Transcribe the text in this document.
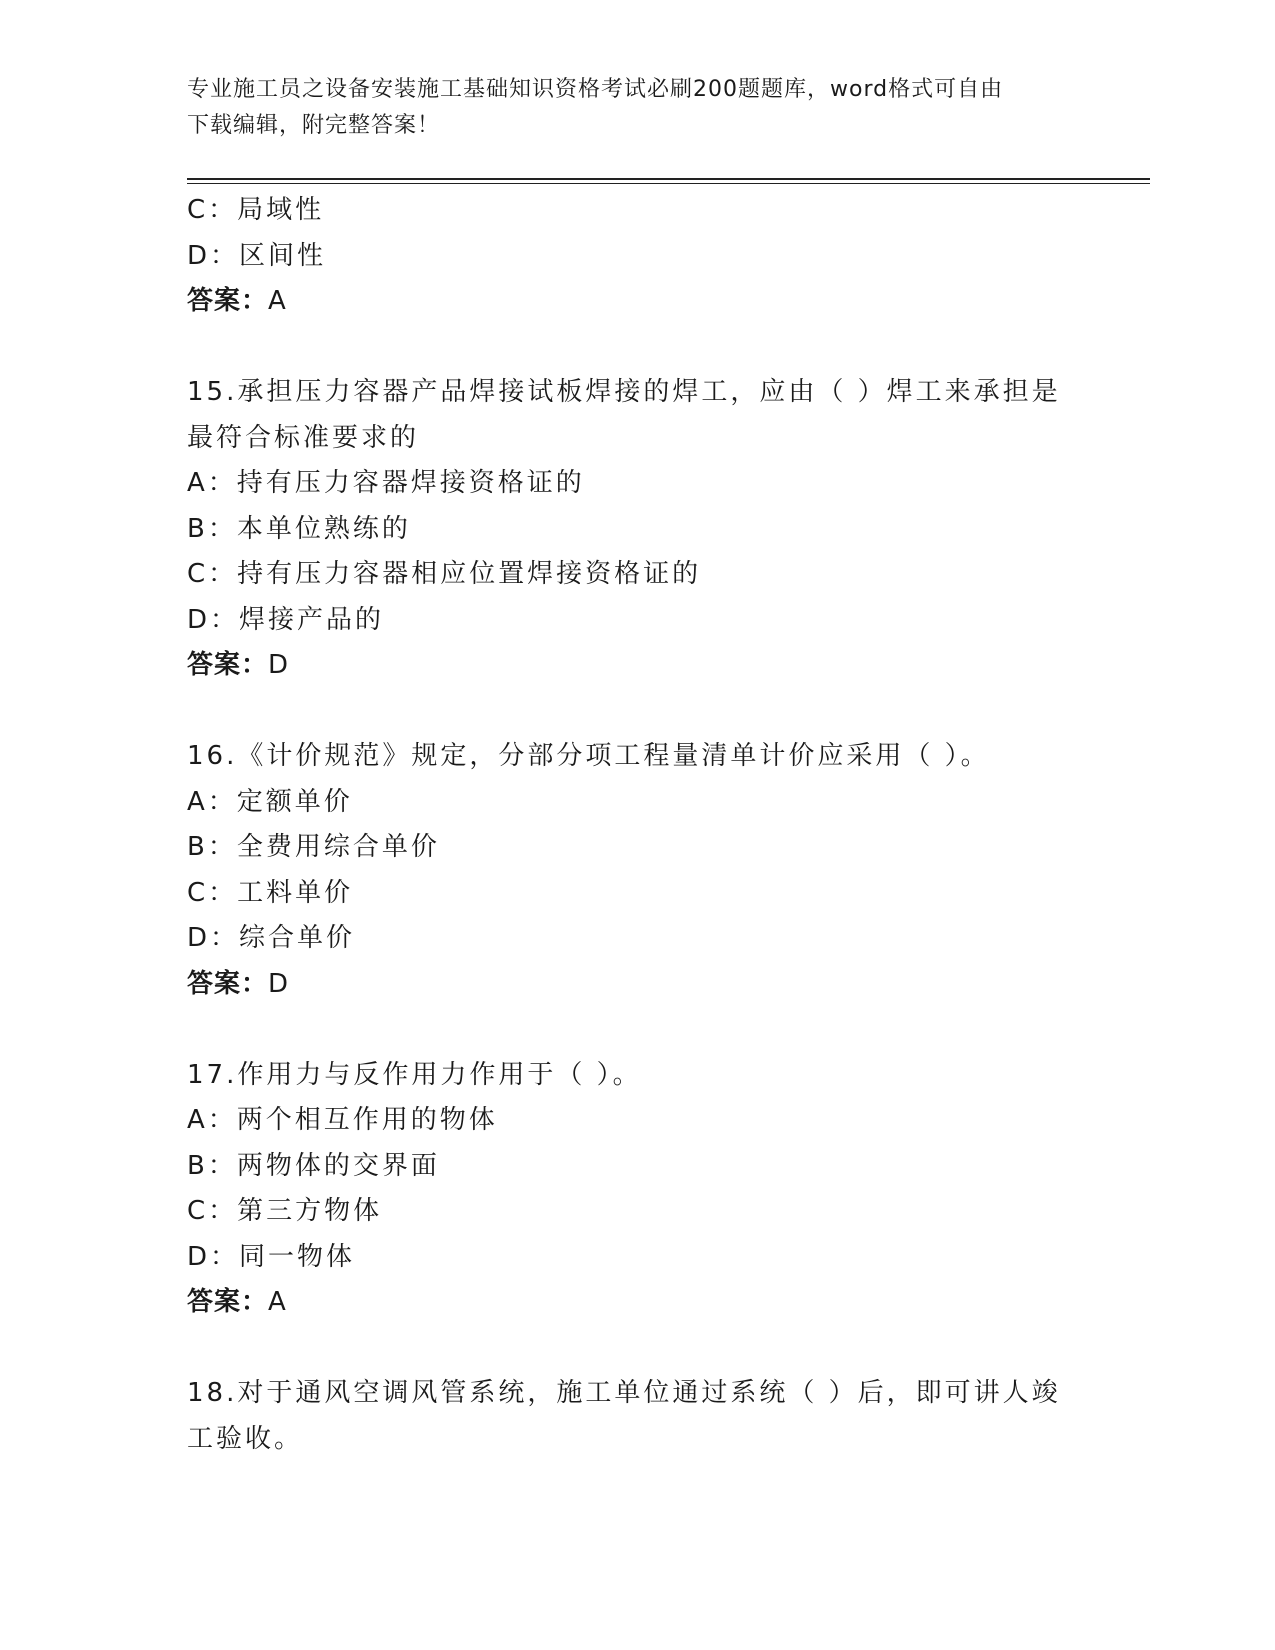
专业施工员之设备安装施工基础知识资格考试必刷200题题库，word格式可自由
下载编辑，附完整答案！
C：局域性
D：区间性
答案：A
15.承担压力容器产品焊接试板焊接的焊工，应由（ ）焊工来承担是
最符合标准要求的
A：持有压力容器焊接资格证的
B：本单位熟练的
C：持有压力容器相应位置焊接资格证的
D：焊接产品的
答案：D
16.《计价规范》规定，分部分项工程量清单计价应采用（ ）。
A：定额单价
B：全费用综合单价
C：工料单价
D：综合单价
答案：D
17.作用力与反作用力作用于（ ）。
A：两个相互作用的物体
B：两物体的交界面
C：第三方物体
D：同一物体
答案：A
18.对于通风空调风管系统，施工单位通过系统（ ）后，即可讲人竣
工验收。
